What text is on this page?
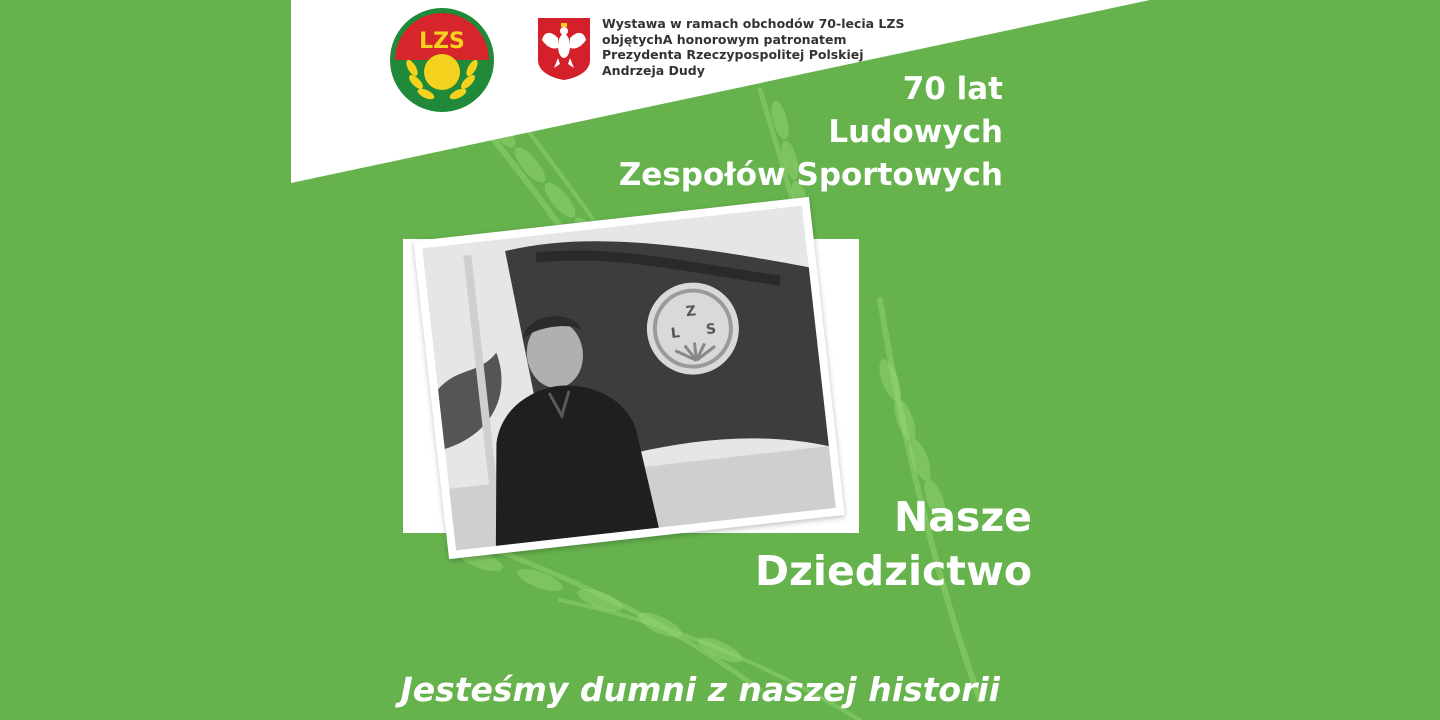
LZS
Wystawa w ramach obchodów 70-lecia LZS
objętychA honorowym patronatem
Prezydenta Rzeczypospolitej Polskiej
Andrzeja Dudy
70 lat
Ludowych
Zespołów Sportowych
Z
L S
Nasze
Dziedzictwo
Jesteśmy dumni z naszej historii
